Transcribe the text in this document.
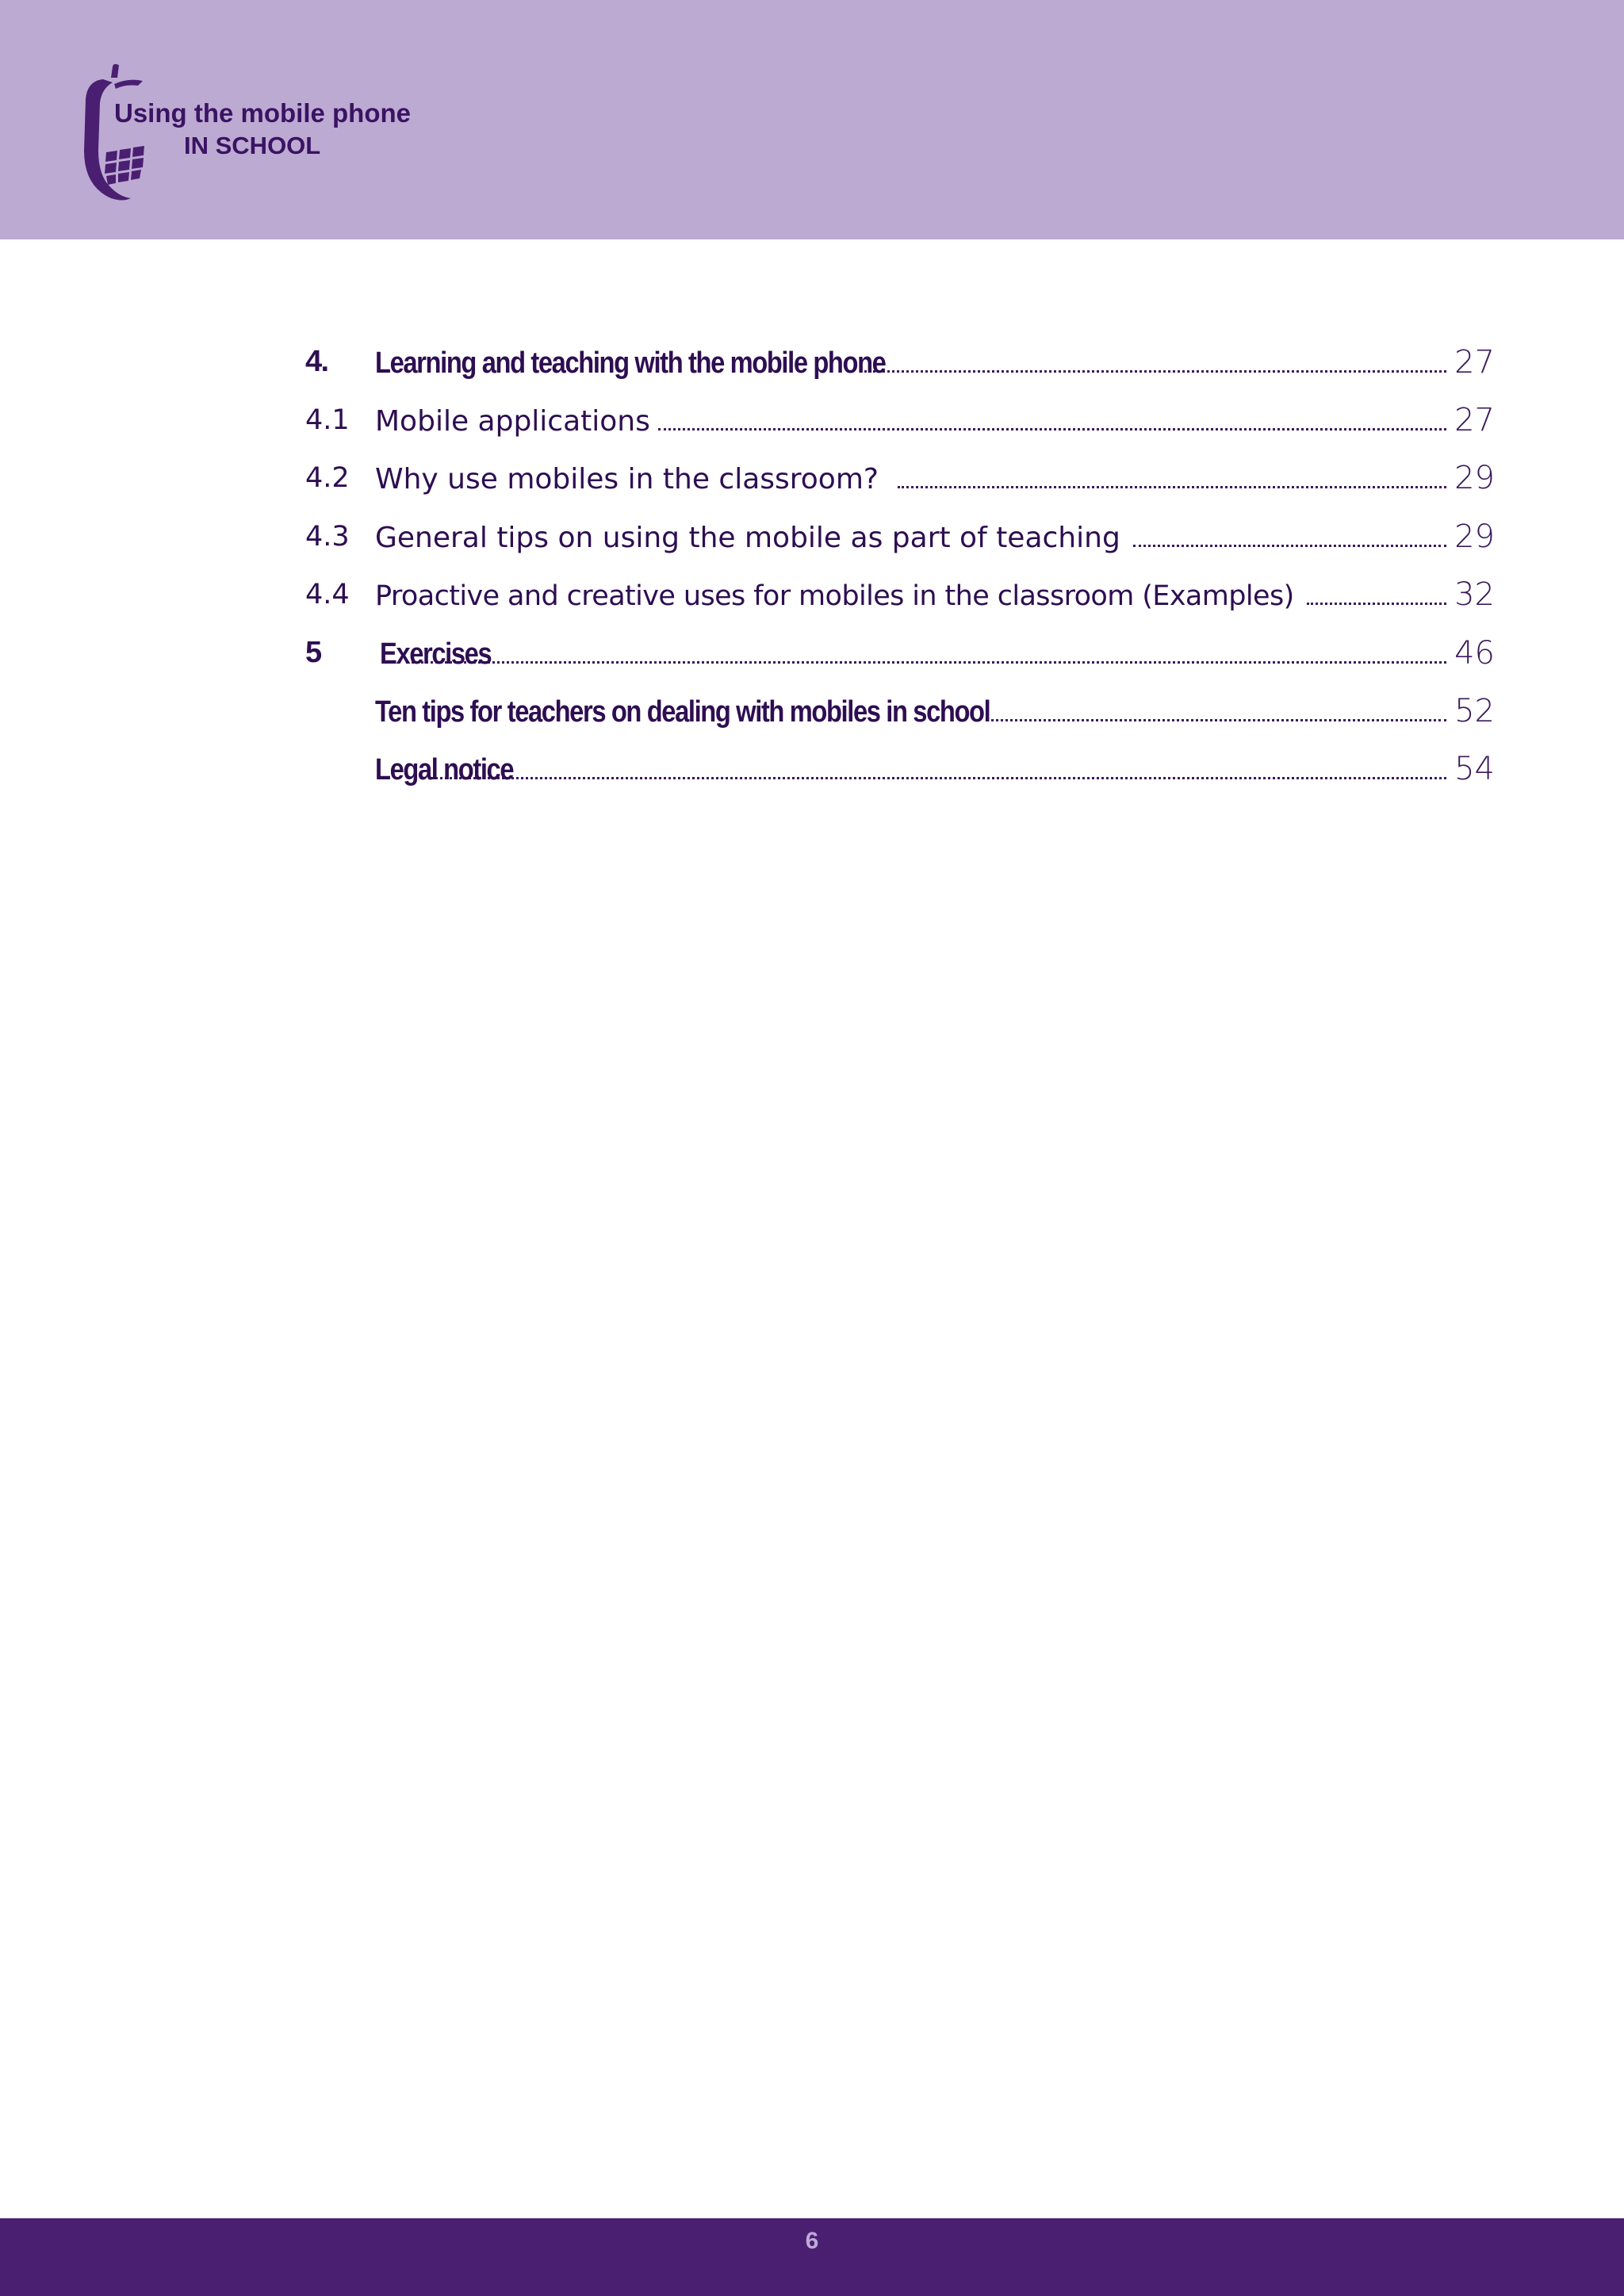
Using the mobile phone
IN SCHOOL
4.	Learning and teaching with the mobile phone	27
4.1 Mobile applications	27
4.2 Why use mobiles in the classroom?	29
4.3 General tips on using the mobile as part of teaching	29
4.4 Proactive and creative uses for mobiles in the classroom (Examples)	32
5	Exercises	46
Ten tips for teachers on dealing with mobiles in school	52
Legal notice	54
6
